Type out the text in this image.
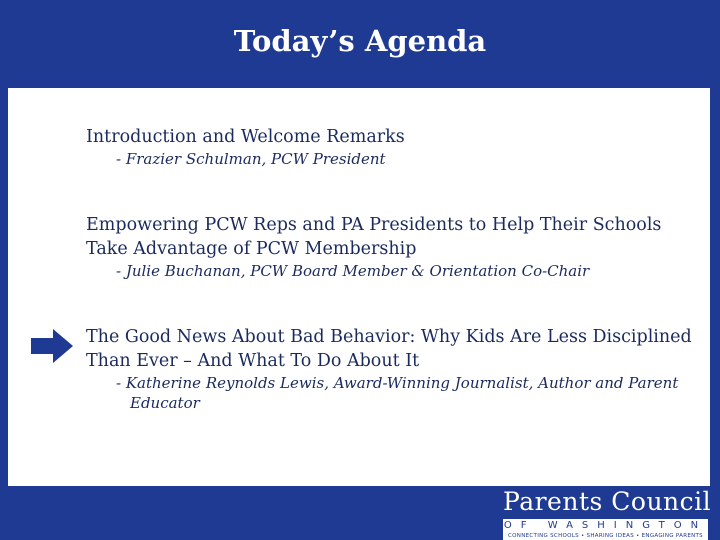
Today’s Agenda

Introduction and Welcome Remarks

- Frazier Schulman, PCW President

Empowering PCW Reps and PA Presidents to Help Their Schools Take Advantage of PCW Membership

- Julie Buchanan, PCW Board Member & Orientation Co-Chair

The Good News About Bad Behavior: Why Kids Are Less Disciplined Than Ever – And What To Do About It

- Katherine Reynolds Lewis, Award-Winning Journalist, Author and Parent Educator

Parents Council
OF WASHINGTON
CONNECTING SCHOOLS • SHARING IDEAS • ENGAGING PARENTS
